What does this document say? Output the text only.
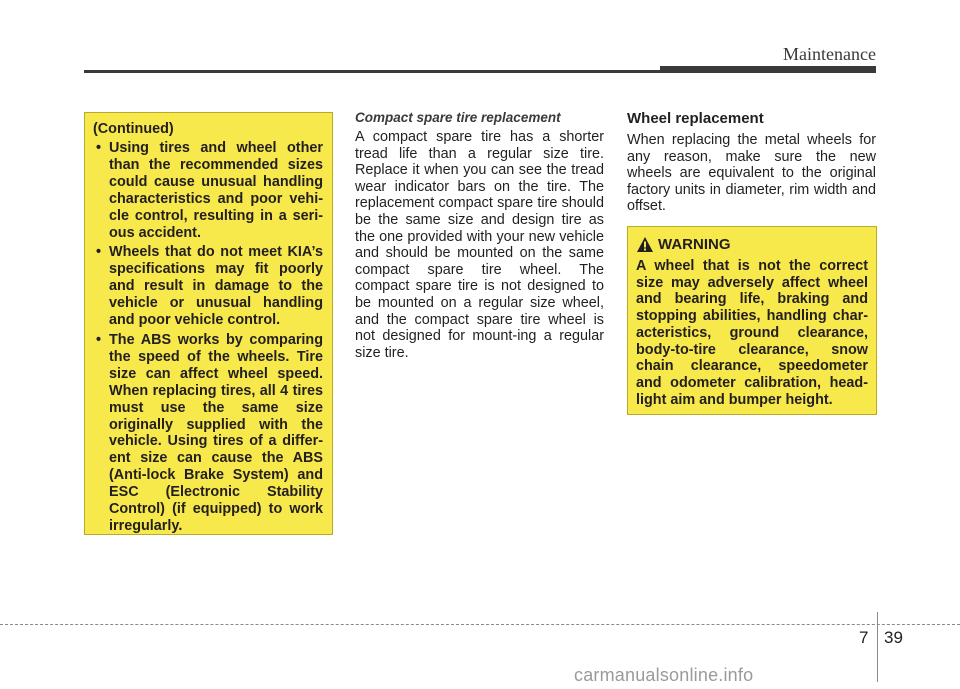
Maintenance

(Continued)

• Using tires and wheel other than the recommended sizes could cause unusual handling characteristics and poor vehi-cle control, resulting in a seri-ous accident.
• Wheels that do not meet KIA’s specifications may fit poorly and result in damage to the vehicle or unusual handling and poor vehicle control.
• The ABS works by comparing the speed of the wheels. Tire size can affect wheel speed. When replacing tires, all 4 tires must use the same size originally supplied with the vehicle. Using tires of a differ-ent size can cause the ABS (Anti-lock Brake System) and ESC (Electronic Stability Control) (if equipped) to work irregularly.

Compact spare tire replacement

A compact spare tire has a shorter tread life than a regular size tire. Replace it when you can see the tread wear indicator bars on the tire. The replacement compact spare tire should be the same size and design tire as the one provided with your new vehicle and should be mounted on the same compact spare tire wheel. The compact spare tire is not designed to be mounted on a regular size wheel, and the compact spare tire wheel is not designed for mount-ing a regular size tire.

Wheel replacement

When replacing the metal wheels for any reason, make sure the new wheels are equivalent to the original factory units in diameter, rim width and offset.

WARNING

A wheel that is not the correct size may adversely affect wheel and bearing life, braking and stopping abilities, handling char-acteristics, ground clearance, body-to-tire clearance, snow chain clearance, speedometer and odometer calibration, head-light aim and bumper height.

7 39
carmanualsonline.info
